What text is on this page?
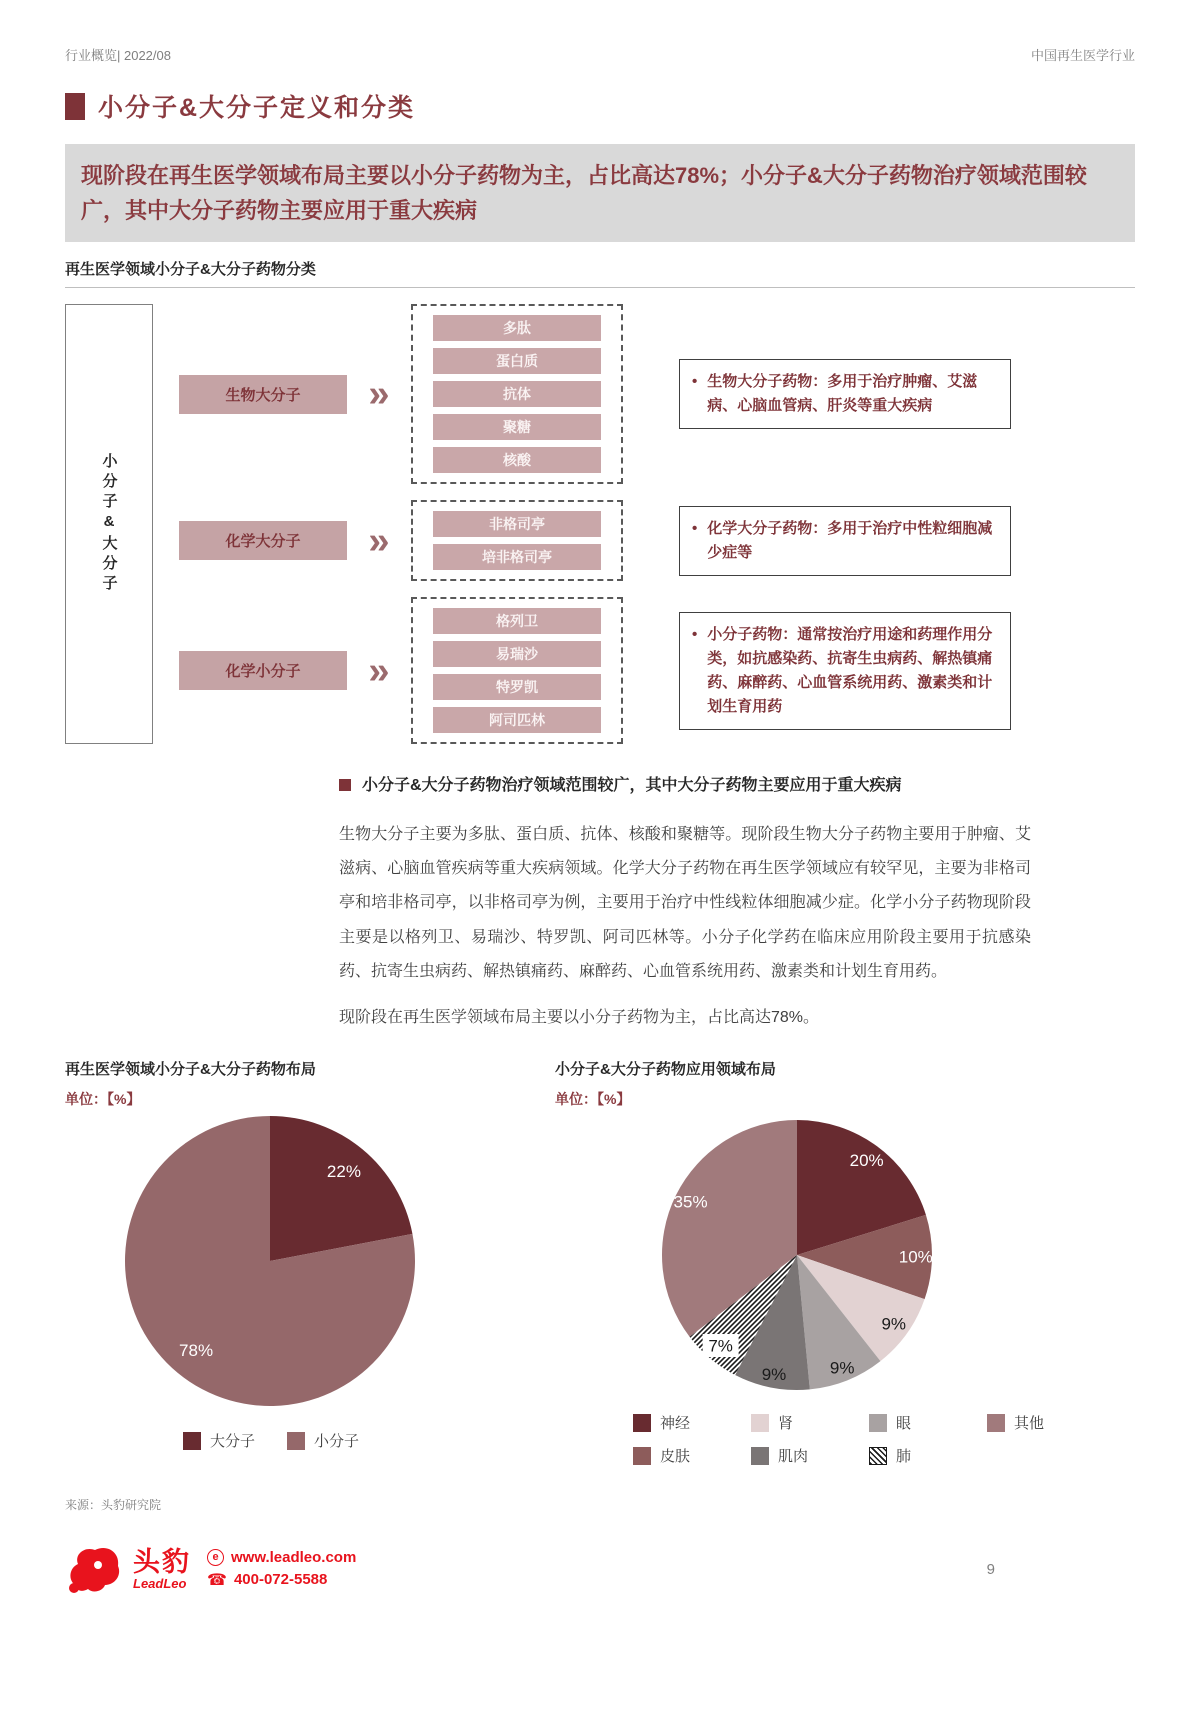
行业概览| 2022/08	中国再生医学行业
小分子&大分子定义和分类
现阶段在再生医学领域布局主要以小分子药物为主，占比高达78%；小分子&大分子药物治疗领域范围较广，其中大分子药物主要应用于重大疾病
再生医学领域小分子&大分子药物分类
小分子&大分子
生物大分子	»
多肽
蛋白质
抗体
聚糖
核酸
• 生物大分子药物：多用于治疗肿瘤、艾滋病、心脑血管病、肝炎等重大疾病
化学大分子	»	非格司亭
培非格司亭
• 化学大分子药物：多用于治疗中性粒细胞减少症等
化学小分子	»
格列卫
易瑞沙
特罗凯
阿司匹林
• 小分子药物：通常按治疗用途和药理作用分类，如抗感染药、抗寄生虫病药、解热镇痛药、麻醉药、心血管系统用药、激素类和计划生育用药
小分子&大分子药物治疗领域范围较广，其中大分子药物主要应用于重大疾病

生物大分子主要为多肽、蛋白质、抗体、核酸和聚糖等。现阶段生物大分子药物主要用于肿瘤、艾滋病、心脑血管疾病等重大疾病领域。化学大分子药物在再生医学领域应有较罕见，主要为非格司亭和培非格司亭，以非格司亭为例，主要用于治疗中性线粒体细胞减少症。化学小分子药物现阶段主要是以格列卫、易瑞沙、特罗凯、阿司匹林等。小分子化学药在临床应用阶段主要用于抗感染药、抗寄生虫病药、解热镇痛药、麻醉药、心血管系统用药、激素类和计划生育用药。

现阶段在再生医学领域布局主要以小分子药物为主，占比高达78%。

再生医学领域小分子&大分子药物布局
单位：【%】
22%
78%
大分子	小分子
小分子&大分子药物应用领域布局
单位：【%】
20%
10%
9%
9%
9%
7%
35%
神经	肾	眼	其他
皮肤	肌肉	肺
来源：头豹研究院
头豹
LeadLeo
e www.leadleo.com
☎ 400-072-5588
9
